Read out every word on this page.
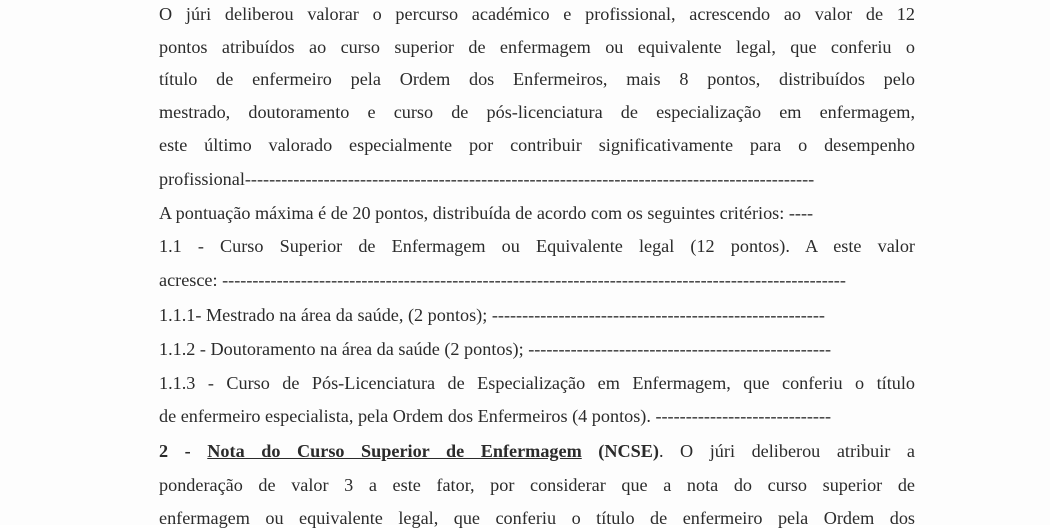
O júri deliberou valorar o percurso académico e profissional, acrescendo ao valor de 12
pontos atribuídos ao curso superior de enfermagem ou equivalente legal, que conferiu o
título de enfermeiro pela Ordem dos Enfermeiros, mais 8 pontos, distribuídos pelo
mestrado, doutoramento e curso de pós-licenciatura de especialização em enfermagem,
este último valorado especialmente por contribuir significativamente para o desempenho
profissional----------------------------------------------------------------------------------------------
A pontuação máxima é de 20 pontos, distribuída de acordo com os seguintes critérios: ----
1.1 - Curso Superior de Enfermagem ou Equivalente legal (12 pontos). A este valor
acresce: -------------------------------------------------------------------------------------------------------
1.1.1- Mestrado na área da saúde, (2 pontos); -------------------------------------------------------
1.1.2 - Doutoramento na área da saúde (2 pontos); --------------------------------------------------
1.1.3 - Curso de Pós-Licenciatura de Especialização em Enfermagem, que conferiu o título
de enfermeiro especialista, pela Ordem dos Enfermeiros (4 pontos). -----------------------------
2 - Nota do Curso Superior de Enfermagem (NCSE). O júri deliberou atribuir a
ponderação de valor 3 a este fator, por considerar que a nota do curso superior de
enfermagem ou equivalente legal, que conferiu o título de enfermeiro pela Ordem dos
